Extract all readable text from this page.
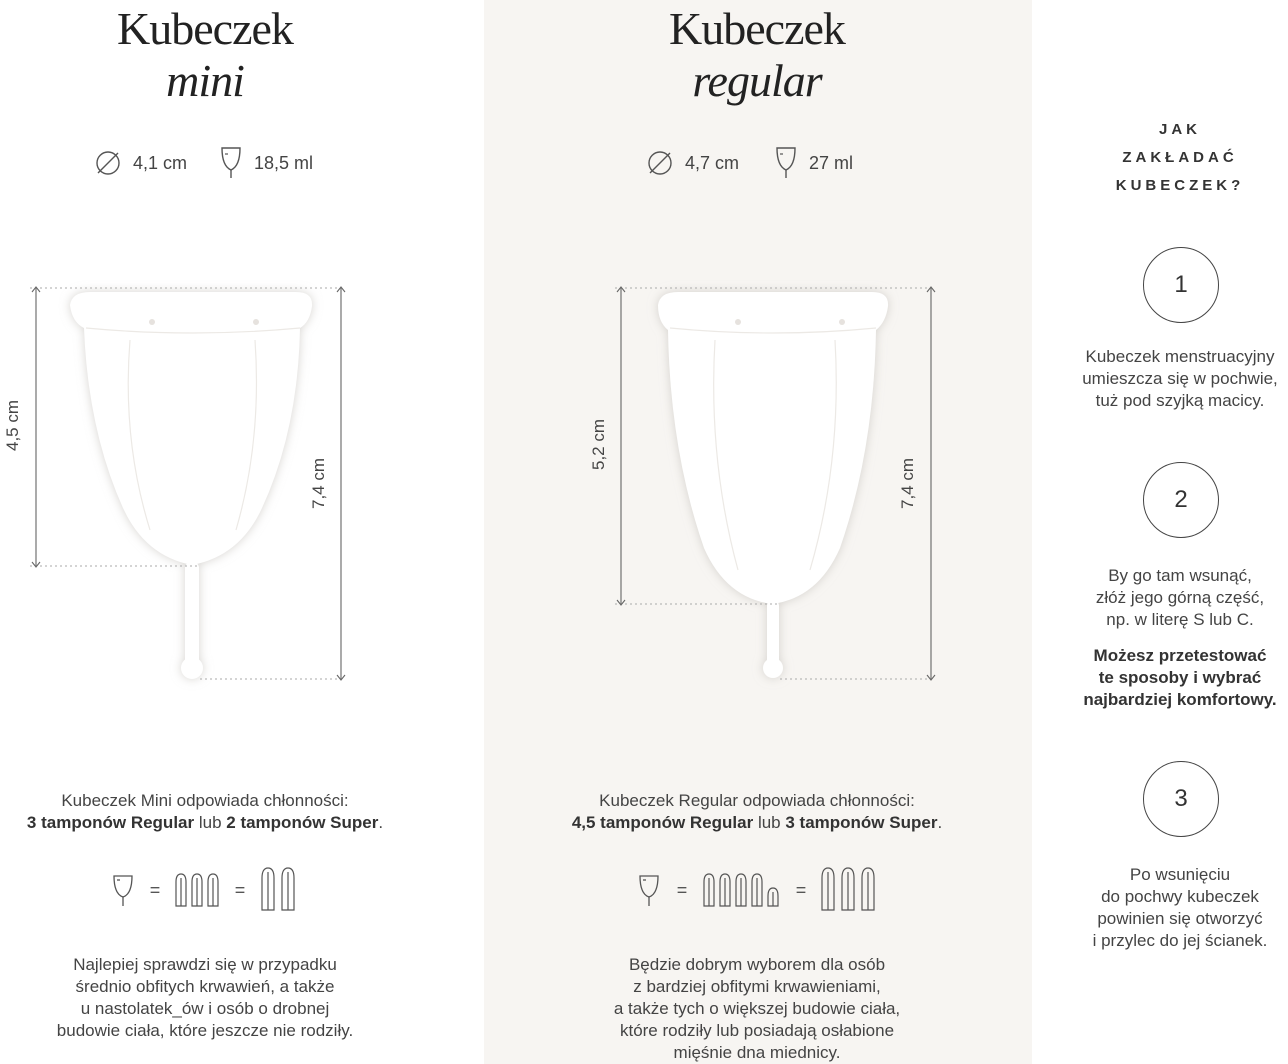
Kubeczek
mini
4,1 cm	18,5 ml
Kubeczek
regular
4,7 cm	27 ml
4,5 cm
7,4 cm
5,2 cm
7,4 cm
Kubeczek Mini odpowiada chłonności:
3 tamponów Regular lub 2 tamponów Super.
Kubeczek Regular odpowiada chłonności:
4,5 tamponów Regular lub 3 tamponów Super.
=	=	=	=
Najlepiej sprawdzi się w przypadku
średnio obfitych krwawień, a także
u nastolatek_ów i osób o drobnej
budowie ciała, które jeszcze nie rodziły.
Będzie dobrym wyborem dla osób
z bardziej obfitymi krwawieniami,
a także tych o większej budowie ciała,
które rodziły lub posiadają osłabione
mięśnie dna miednicy.
JAK
ZAKŁADAĆ
KUBECZEK?
1
Kubeczek menstruacyjny
umieszcza się w pochwie,
tuż pod szyjką macicy.
2
By go tam wsunąć,
złóż jego górną część,
np. w literę S lub C.
Możesz przetestować
te sposoby i wybrać
najbardziej komfortowy.
3
Po wsunięciu
do pochwy kubeczek
powinien się otworzyć
i przylec do jej ścianek.
